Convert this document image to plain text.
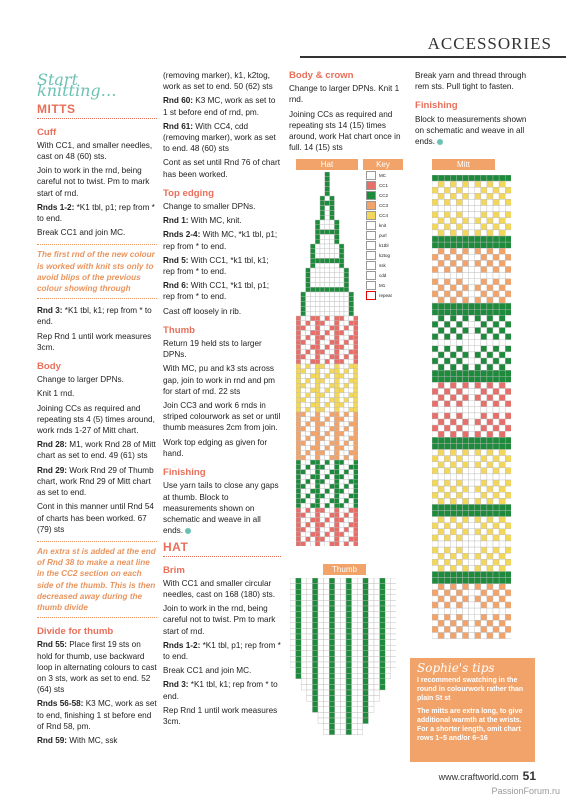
ACCESSORIES
Start knitting…
MITTS
Cuff

With CC1, and smaller needles, cast on 48 (60) sts.

Join to work in the rnd, being careful not to twist. Pm to mark start of rnd.

Rnds 1-2: *K1 tbl, p1; rep from * to end.

Break CC1 and join MC.

The first rnd of the new colour is worked with knit sts only to avoid blips of the previous colour showing through

Rnd 3: *K1 tbl, k1; rep from * to end.

Rep Rnd 1 until work measures 3cm.

Body

Change to larger DPNs.

Knit 1 rnd.

Joining CCs as required and repeating sts 4 (5) times around, work rnds 1-27 of Mitt chart.

Rnd 28: M1, work Rnd 28 of Mitt chart as set to end. 49 (61) sts

Rnd 29: Work Rnd 29 of Thumb chart, work Rnd 29 of Mitt chart as set to end.

Cont in this manner until Rnd 54 of charts has been worked. 67 (79) sts

An extra st is added at the end of Rnd 38 to make a neat line in the CC2 section on each side of the thumb. This is then decreased away during the thumb divide
Divide for thumb

Rnd 55: Place first 19 sts on hold for thumb, use backward loop in alternating colours to cast on 3 sts, work as set to end. 52 (64) sts

Rnds 56-58: K3 MC, work as set to end, finishing 1 st before end of Rnd 58, pm.

Rnd 59: With MC, ssk

(removing marker), k1, k2tog, work as set to end. 50 (62) sts

Rnd 60: K3 MC, work as set to 1 st before end of rnd, pm.

Rnd 61: With CC4, cdd (removing marker), work as set to end. 48 (60) sts

Cont as set until Rnd 76 of chart has been worked.

Top edging

Change to smaller DPNs.

Rnd 1: With MC, knit.

Rnds 2-4: With MC, *k1 tbl, p1; rep from * to end.

Rnd 5: With CC1, *k1 tbl, k1; rep from * to end.

Rnd 6: With CC1, *k1 tbl, p1; rep from * to end.

Cast off loosely in rib.

Thumb

Return 19 held sts to larger DPNs.

With MC, pu and k3 sts across gap, join to work in rnd and pm for start of rnd. 22 sts

Join CC3 and work 6 rnds in striped colourwork as set or until thumb measures 2cm from join.

Work top edging as given for hand.

Finishing

Use yarn tails to close any gaps at thumb. Block to measurements shown on schematic and weave in all ends.

HAT
Brim

With CC1 and smaller circular needles, cast on 168 (180) sts.

Join to work in the rnd, being careful not to twist. Pm to mark start of rnd.

Rnds 1-2: *K1 tbl, p1; rep from * to end.

Break CC1 and join MC.

Rnd 3: *K1 tbl, k1; rep from * to end.

Rep Rnd 1 until work measures 3cm.

Body & crown

Change to larger DPNs. Knit 1 rnd.

Joining CCs as required and repeating sts 14 (15) times around, work Hat chart once in full. 14 (15) sts

Break yarn and thread through rem sts. Pull tight to fasten.

Finishing

Block to measurements shown on schematic and weave in all ends.

Hat	Key	Mitt
Thumb
MC
CC1
CC2
CC3
CC4
knit
purl
k1tbl
k2tog
ssk
cdd
M1
repeat
Sophie's tips

I recommend swatching in the round in colourwork rather than plain St st

The mitts are extra long, to give additional warmth at the wrists. For a shorter length, omit chart rows 1–5 and/or 6–16

www.craftworld.com 51
PassionForum.ru
